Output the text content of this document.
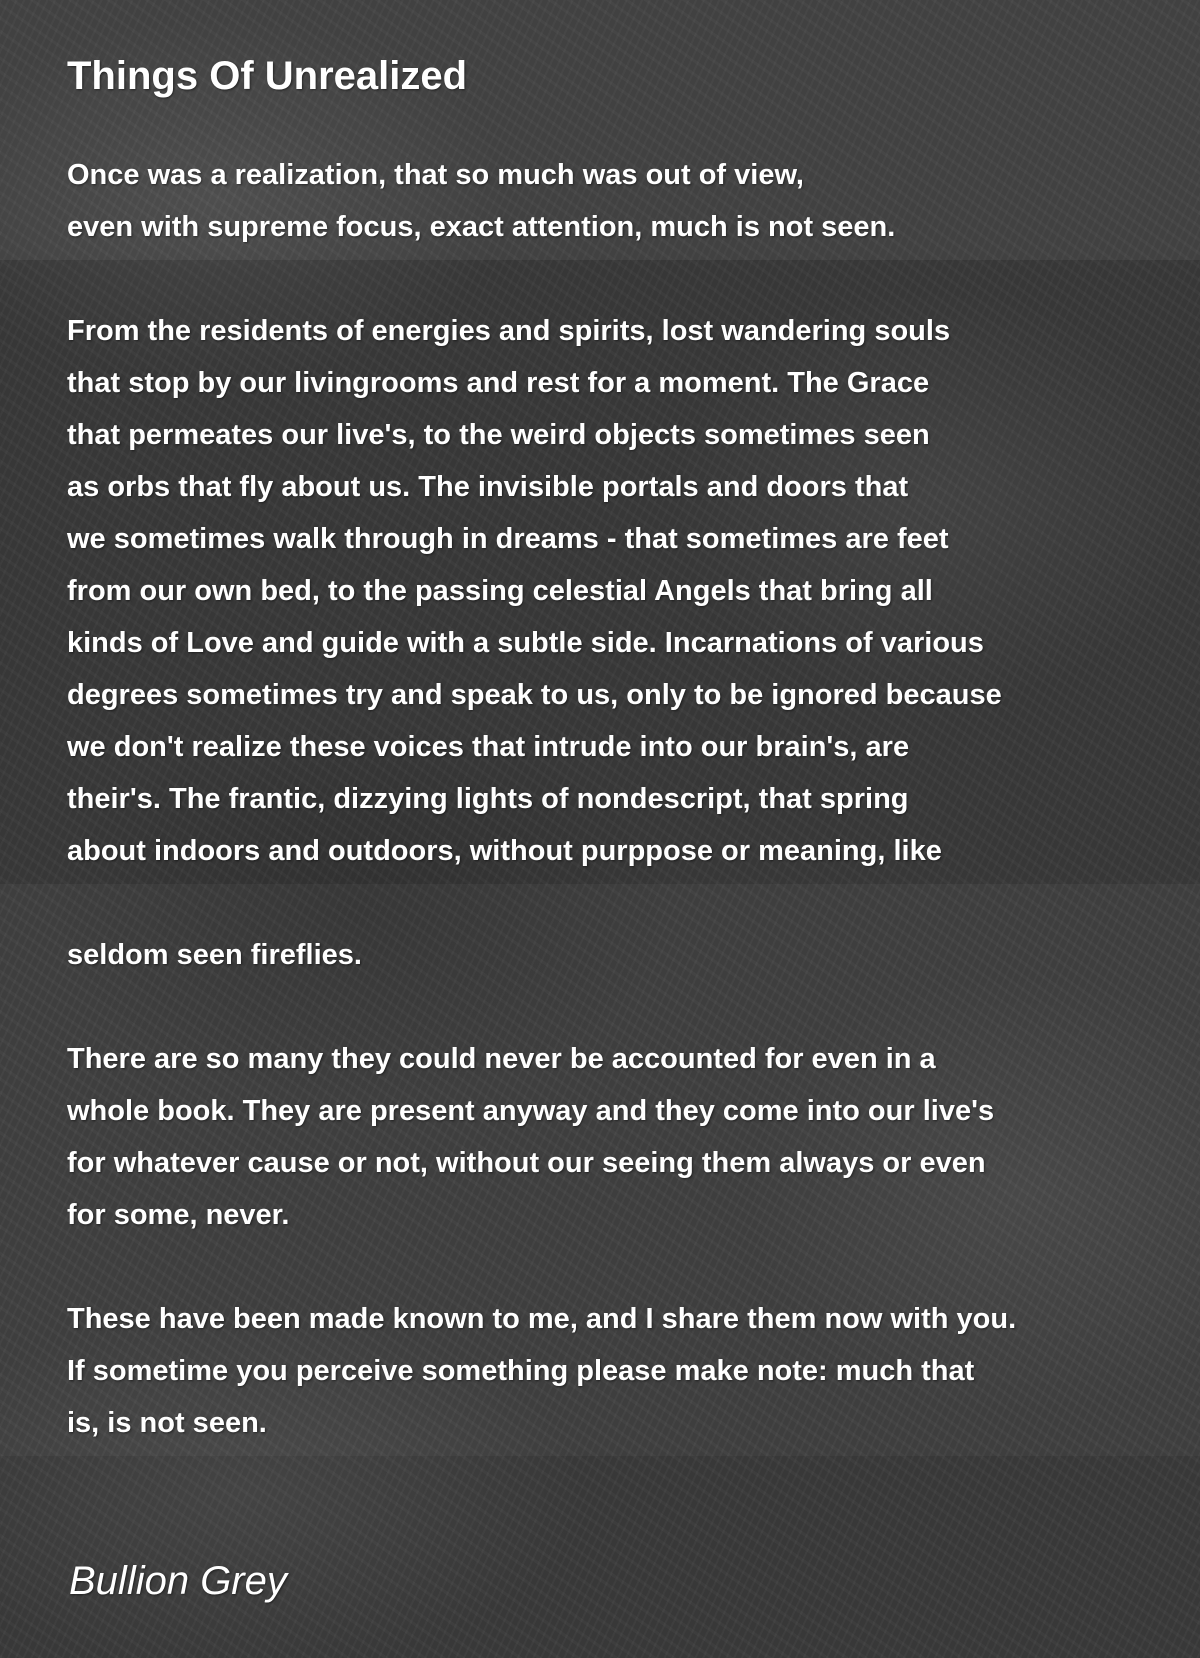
Things Of Unrealized
Once was a realization, that so much was out of view,
even with supreme focus, exact attention, much is not seen.
From the residents of energies and spirits, lost wandering souls
that stop by our livingrooms and rest for a moment. The Grace
that permeates our live's, to the weird objects sometimes seen
as orbs that fly about us. The invisible portals and doors that
we sometimes walk through in dreams - that sometimes are feet
from our own bed, to the passing celestial Angels that bring all
kinds of Love and guide with a subtle side. Incarnations of various
degrees sometimes try and speak to us, only to be ignored because
we don't realize these voices that intrude into our brain's, are
their's. The frantic, dizzying lights of nondescript, that spring
about indoors and outdoors, without purppose or meaning, like
seldom seen fireflies.
There are so many they could never be accounted for even in a
whole book. They are present anyway and they come into our live's
for whatever cause or not, without our seeing them always or even
for some, never.
These have been made known to me, and I share them now with you.
If sometime you perceive something please make note: much that
is, is not seen.

Bullion Grey
